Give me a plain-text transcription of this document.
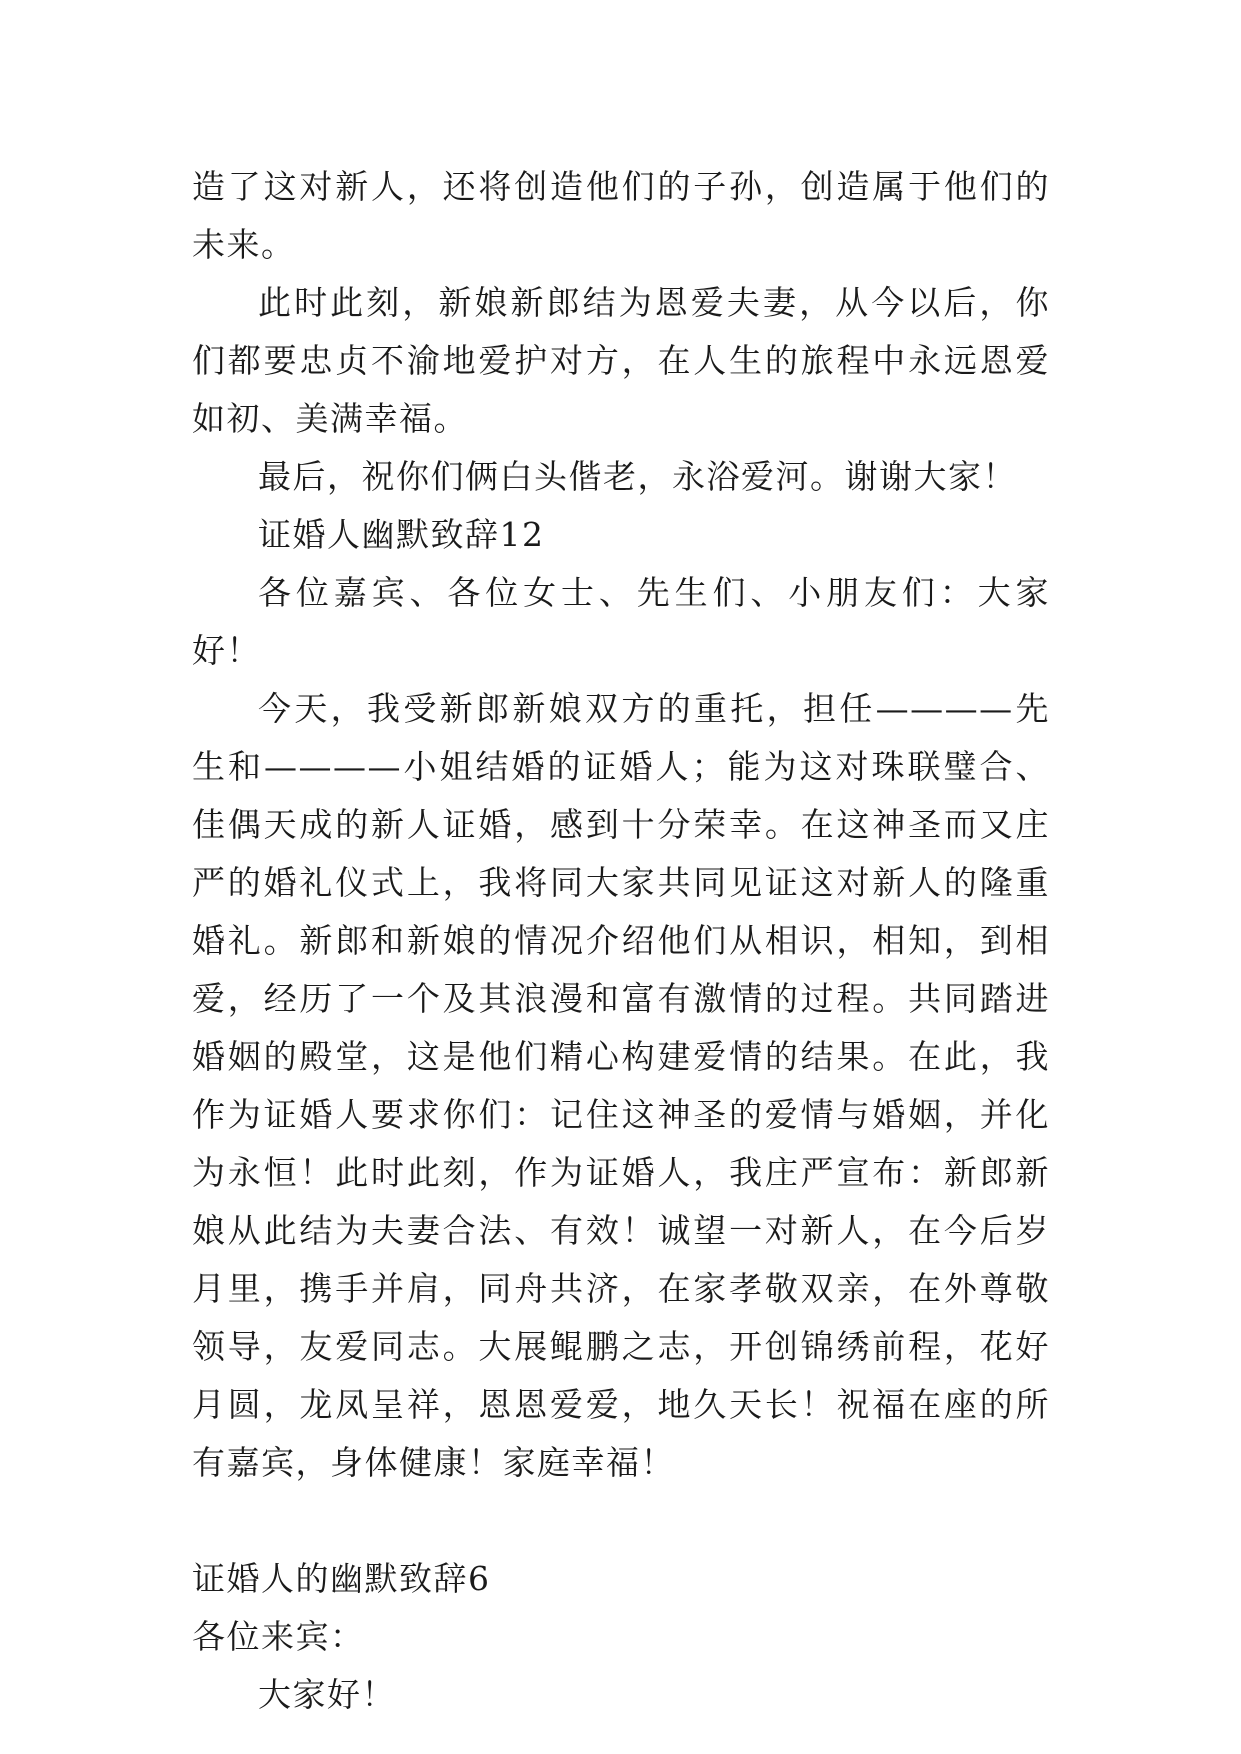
造了这对新人，还将创造他们的子孙，创造属于他们的未来。

此时此刻，新娘新郎结为恩爱夫妻，从今以后，你们都要忠贞不渝地爱护对方，在人生的旅程中永远恩爱如初、美满幸福。

最后，祝你们俩白头偕老，永浴爱河。谢谢大家！

证婚人幽默致辞12

各位嘉宾、各位女士、先生们、小朋友们：大家好！

今天，我受新郎新娘双方的重托，担任————先生和————小姐结婚的证婚人；能为这对珠联璧合、佳偶天成的新人证婚，感到十分荣幸。在这神圣而又庄严的婚礼仪式上，我将同大家共同见证这对新人的隆重婚礼。新郎和新娘的情况介绍他们从相识，相知，到相爱，经历了一个及其浪漫和富有激情的过程。共同踏进婚姻的殿堂，这是他们精心构建爱情的结果。在此，我作为证婚人要求你们：记住这神圣的爱情与婚姻，并化为永恒！此时此刻，作为证婚人，我庄严宣布：新郎新娘从此结为夫妻合法、有效！诚望一对新人，在今后岁月里，携手并肩，同舟共济，在家孝敬双亲，在外尊敬领导，友爱同志。大展鲲鹏之志，开创锦绣前程，花好月圆，龙凤呈祥，恩恩爱爱，地久天长！祝福在座的所有嘉宾，身体健康！家庭幸福！

证婚人的幽默致辞6

各位来宾：

大家好！
